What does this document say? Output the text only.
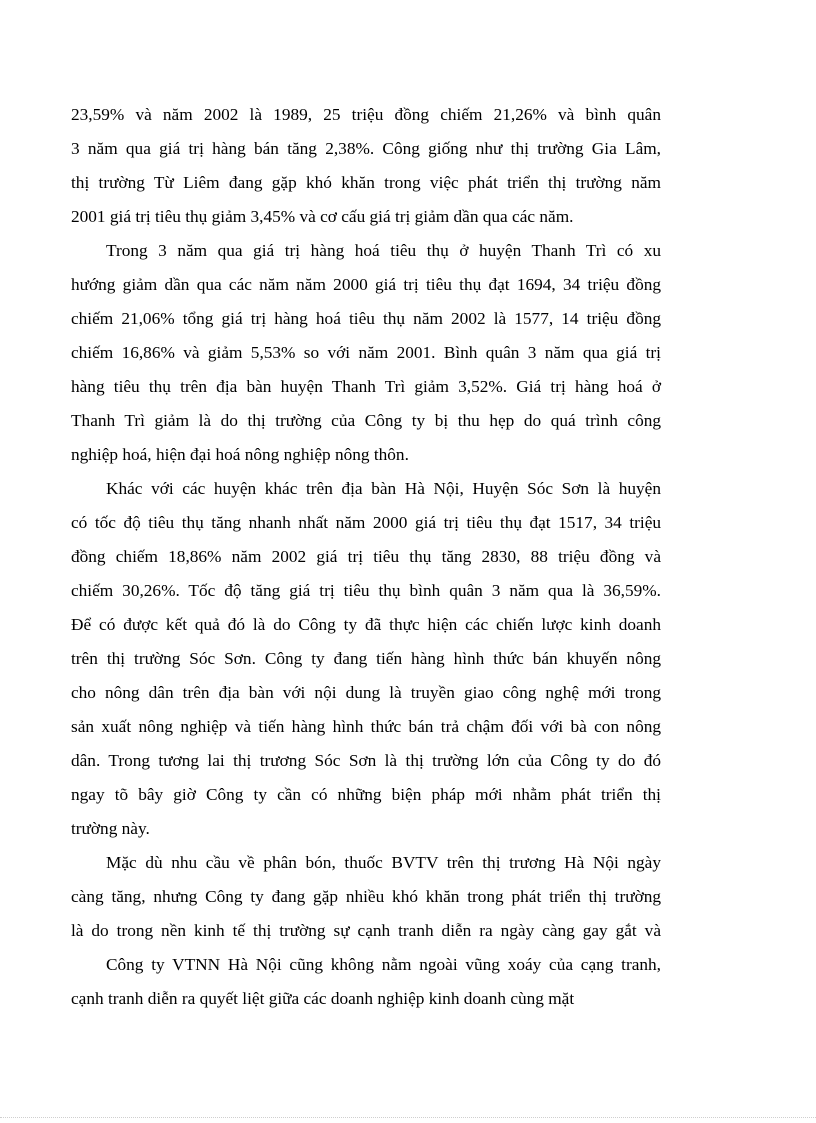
23,59% và năm 2002 là 1989, 25 triệu đồng chiếm 21,26% và bình quân
3 năm qua giá trị hàng bán tăng 2,38%. Công giống như thị trường Gia Lâm,
thị trường Từ Liêm đang gặp khó khăn trong việc phát triển thị trường năm
2001 giá trị tiêu thụ giảm 3,45% và cơ cấu giá trị giảm dần qua các năm.
Trong 3 năm qua giá trị hàng hoá tiêu thụ ở huyện Thanh Trì có xu
hướng giảm dần qua các năm năm 2000 giá trị tiêu thụ đạt 1694, 34 triệu đồng
chiếm 21,06% tổng giá trị hàng hoá tiêu thụ năm 2002 là 1577, 14 triệu đồng
chiếm 16,86% và giảm 5,53% so với năm 2001. Bình quân 3 năm qua giá trị
hàng tiêu thụ trên địa bàn huyện Thanh Trì giảm 3,52%. Giá trị hàng hoá ở
Thanh Trì giảm là do thị trường của Công ty bị thu hẹp do quá trình công
nghiệp hoá, hiện đại hoá nông nghiệp nông thôn.
Khác với các huyện khác trên địa bàn Hà Nội, Huyện Sóc Sơn là huyện
có tốc độ tiêu thụ tăng nhanh nhất năm 2000 giá trị tiêu thụ đạt 1517, 34 triệu
đồng chiếm 18,86% năm 2002 giá trị tiêu thụ tăng 2830, 88 triệu đồng và
chiếm 30,26%. Tốc độ tăng giá trị tiêu thụ bình quân 3 năm qua là 36,59%.
Để có được kết quả đó là do Công ty đã thực hiện các chiến lược kinh doanh
trên thị trường Sóc Sơn. Công ty đang tiến hàng hình thức bán khuyến nông
cho nông dân trên địa bàn với nội dung là truyền giao công nghệ mới trong
sản xuất nông nghiệp và tiến hàng hình thức bán trả chậm đối với bà con nông
dân. Trong tương lai thị trương Sóc Sơn là thị trường lớn của Công ty do đó
ngay tõ bây giờ Công ty cần có những biện pháp mới nhằm phát triển thị
trường này.
Mặc dù nhu cầu về phân bón, thuốc BVTV trên thị trương Hà Nội ngày
càng tăng, nhưng Công ty đang gặp nhiều khó khăn trong phát triển thị trường
là do trong nền kinh tế thị trường sự cạnh tranh diễn ra ngày càng gay gắt và
Công ty VTNN Hà Nội cũng không nằm ngoài vũng xoáy của cạng tranh,
cạnh tranh diễn ra quyết liệt giữa các doanh nghiệp kinh doanh cùng mặt
